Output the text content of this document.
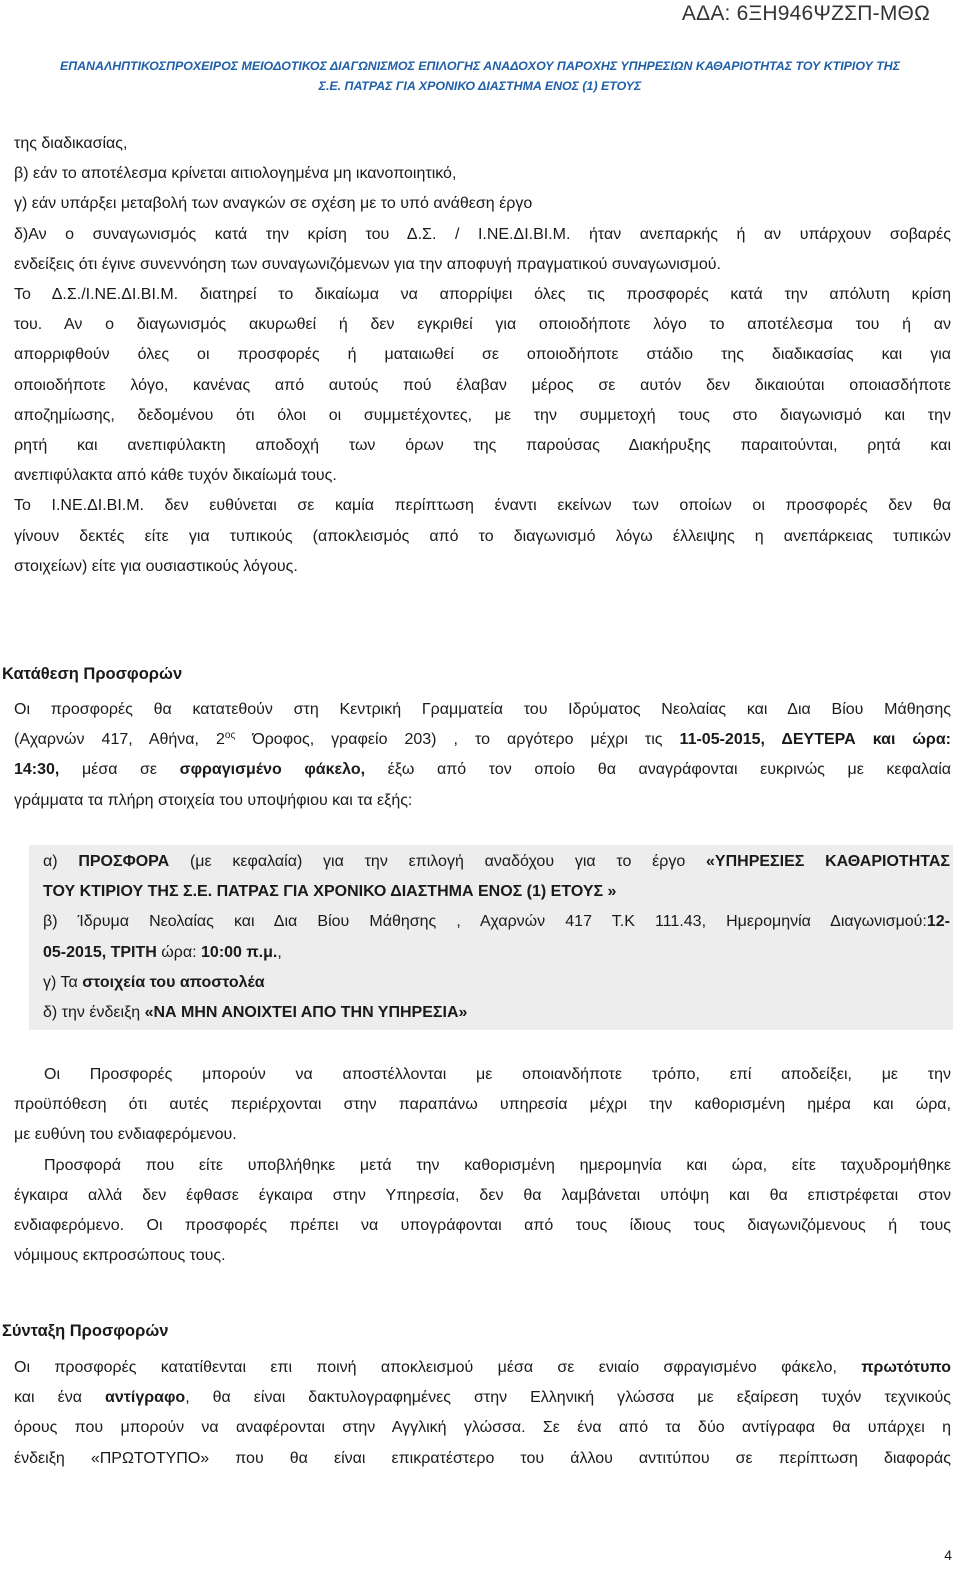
ΑΔΑ: 6ΞΗ946ΨΖΣΠ-ΜΘΩ
ΕΠΑΝΑΛΗΠΤΙΚΟΣΠΡΟΧΕΙΡΟΣ ΜΕΙΟΔΟΤΙΚΟΣ ΔΙΑΓΩΝΙΣΜΟΣ ΕΠΙΛΟΓΗΣ ΑΝΑΔΟΧΟΥ ΠΑΡΟΧΗΣ ΥΠΗΡΕΣΙΩΝ ΚΑΘΑΡΙΟΤΗΤΑΣ ΤΟΥ ΚΤΙΡΙΟΥ ΤΗΣ
Σ.Ε. ΠΑΤΡΑΣ ΓΙΑ ΧΡΟΝΙΚΟ ΔΙΑΣΤΗΜΑ ΕΝΟΣ (1) ΕΤΟΥΣ
της διαδικασίας,
β) εάν το αποτέλεσμα κρίνεται αιτιολογημένα μη ικανοποιητικό,
γ) εάν υπάρξει μεταβολή των αναγκών σε σχέση με το υπό ανάθεση έργο
δ)Αν ο συναγωνισμός κατά την κρίση του Δ.Σ. / Ι.ΝΕ.ΔΙ.ΒΙ.Μ. ήταν ανεπαρκής ή αν υπάρχουν σοβαρές
ενδείξεις ότι έγινε συνεννόηση των συναγωνιζόμενων για την αποφυγή πραγματικού συναγωνισμού.
Το Δ.Σ./Ι.ΝΕ.ΔΙ.ΒΙ.Μ. διατηρεί το δικαίωμα να απορρίψει όλες τις προσφορές κατά την απόλυτη κρίση
του. Αν ο διαγωνισμός ακυρωθεί ή δεν εγκριθεί για οποιοδήποτε λόγο το αποτέλεσμα του ή αν
απορριφθούν όλες οι προσφορές ή ματαιωθεί σε οποιοδήποτε στάδιο της διαδικασίας και για
οποιοδήποτε λόγο, κανένας από αυτούς πού έλαβαν μέρος σε αυτόν δεν δικαιούται οποιασδήποτε
αποζημίωσης, δεδομένου ότι όλοι οι συμμετέχοντες, με την συμμετοχή τους στο διαγωνισμό και την
ρητή και ανεπιφύλακτη αποδοχή των όρων της παρούσας Διακήρυξης παραιτούνται, ρητά και
ανεπιφύλακτα από κάθε τυχόν δικαίωμά τους.
Το Ι.ΝΕ.ΔΙ.ΒΙ.Μ. δεν ευθύνεται σε καμία περίπτωση έναντι εκείνων των οποίων οι προσφορές δεν θα
γίνουν δεκτές είτε για τυπικούς (αποκλεισμός από το διαγωνισμό λόγω έλλειψης η ανεπάρκειας τυπικών
στοιχείων) είτε για ουσιαστικούς λόγους.
Κατάθεση Προσφορών
Οι προσφορές θα κατατεθούν στη Κεντρική Γραμματεία του Ιδρύματος Νεολαίας και Δια Βίου Μάθησης
(Αχαρνών 417, Αθήνα, $2^{o\varsigma}$ Όροφος, γραφείο 203) , το αργότερο μέχρι τις 11-05-2015, ΔΕΥΤΕΡΑ και ώρα:
14:30, μέσα σε σφραγισμένο φάκελο, έξω από τον οποίο θα αναγράφονται ευκρινώς με κεφαλαία
γράμματα τα πλήρη στοιχεία του υποψήφιου και τα εξής:
α) ΠΡΟΣΦΟΡΑ (με κεφαλαία) για την επιλογή αναδόχου για το έργο «ΥΠΗΡΕΣΙΕΣ ΚΑΘΑΡΙΟΤΗΤΑΣ
ΤΟΥ ΚΤΙΡΙΟΥ ΤΗΣ Σ.Ε. ΠΑΤΡΑΣ ΓΙΑ ΧΡΟΝΙΚΟ ΔΙΑΣΤΗΜΑ ΕΝΟΣ (1) ΕΤΟΥΣ »
β) Ίδρυμα Νεολαίας και Δια Βίου Μάθησης , Αχαρνών 417 Τ.Κ 111.43, Ημερομηνία Διαγωνισμού:12-
05-2015, ΤΡΙΤΗ ώρα: 10:00 π.μ.,
γ) Τα στοιχεία του αποστολέα
δ) την ένδειξη «ΝΑ ΜΗΝ ΑΝΟΙΧΤΕΙ ΑΠΟ ΤΗΝ ΥΠΗΡΕΣΙΑ»
Οι Προσφορές μπορούν να αποστέλλονται με οποιανδήποτε τρόπο, επί αποδείξει, με την
προϋπόθεση ότι αυτές περιέρχονται στην παραπάνω υπηρεσία μέχρι την καθορισμένη ημέρα και ώρα,
με ευθύνη του ενδιαφερόμενου.
Προσφορά που είτε υποβλήθηκε μετά την καθορισμένη ημερομηνία και ώρα, είτε ταχυδρομήθηκε
έγκαιρα αλλά δεν έφθασε έγκαιρα στην Υπηρεσία, δεν θα λαμβάνεται υπόψη και θα επιστρέφεται στον
ενδιαφερόμενο. Οι προσφορές πρέπει να υπογράφονται από τους ίδιους τους διαγωνιζόμενους ή τους
νόμιμους εκπροσώπους τους.
Σύνταξη Προσφορών
Οι προσφορές κατατίθενται επι ποινή αποκλεισμού μέσα σε ενιαίο σφραγισμένο φάκελο, πρωτότυπο
και ένα αντίγραφο, θα είναι δακτυλογραφημένες στην Ελληνική γλώσσα με εξαίρεση τυχόν τεχνικούς
όρους που μπορούν να αναφέρονται στην Αγγλική γλώσσα. Σε ένα από τα δύο αντίγραφα θα υπάρχει η
ένδειξη «ΠΡΩΤΟΤΥΠΟ» που θα είναι επικρατέστερο του άλλου αντιτύπου σε περίπτωση διαφοράς
4
